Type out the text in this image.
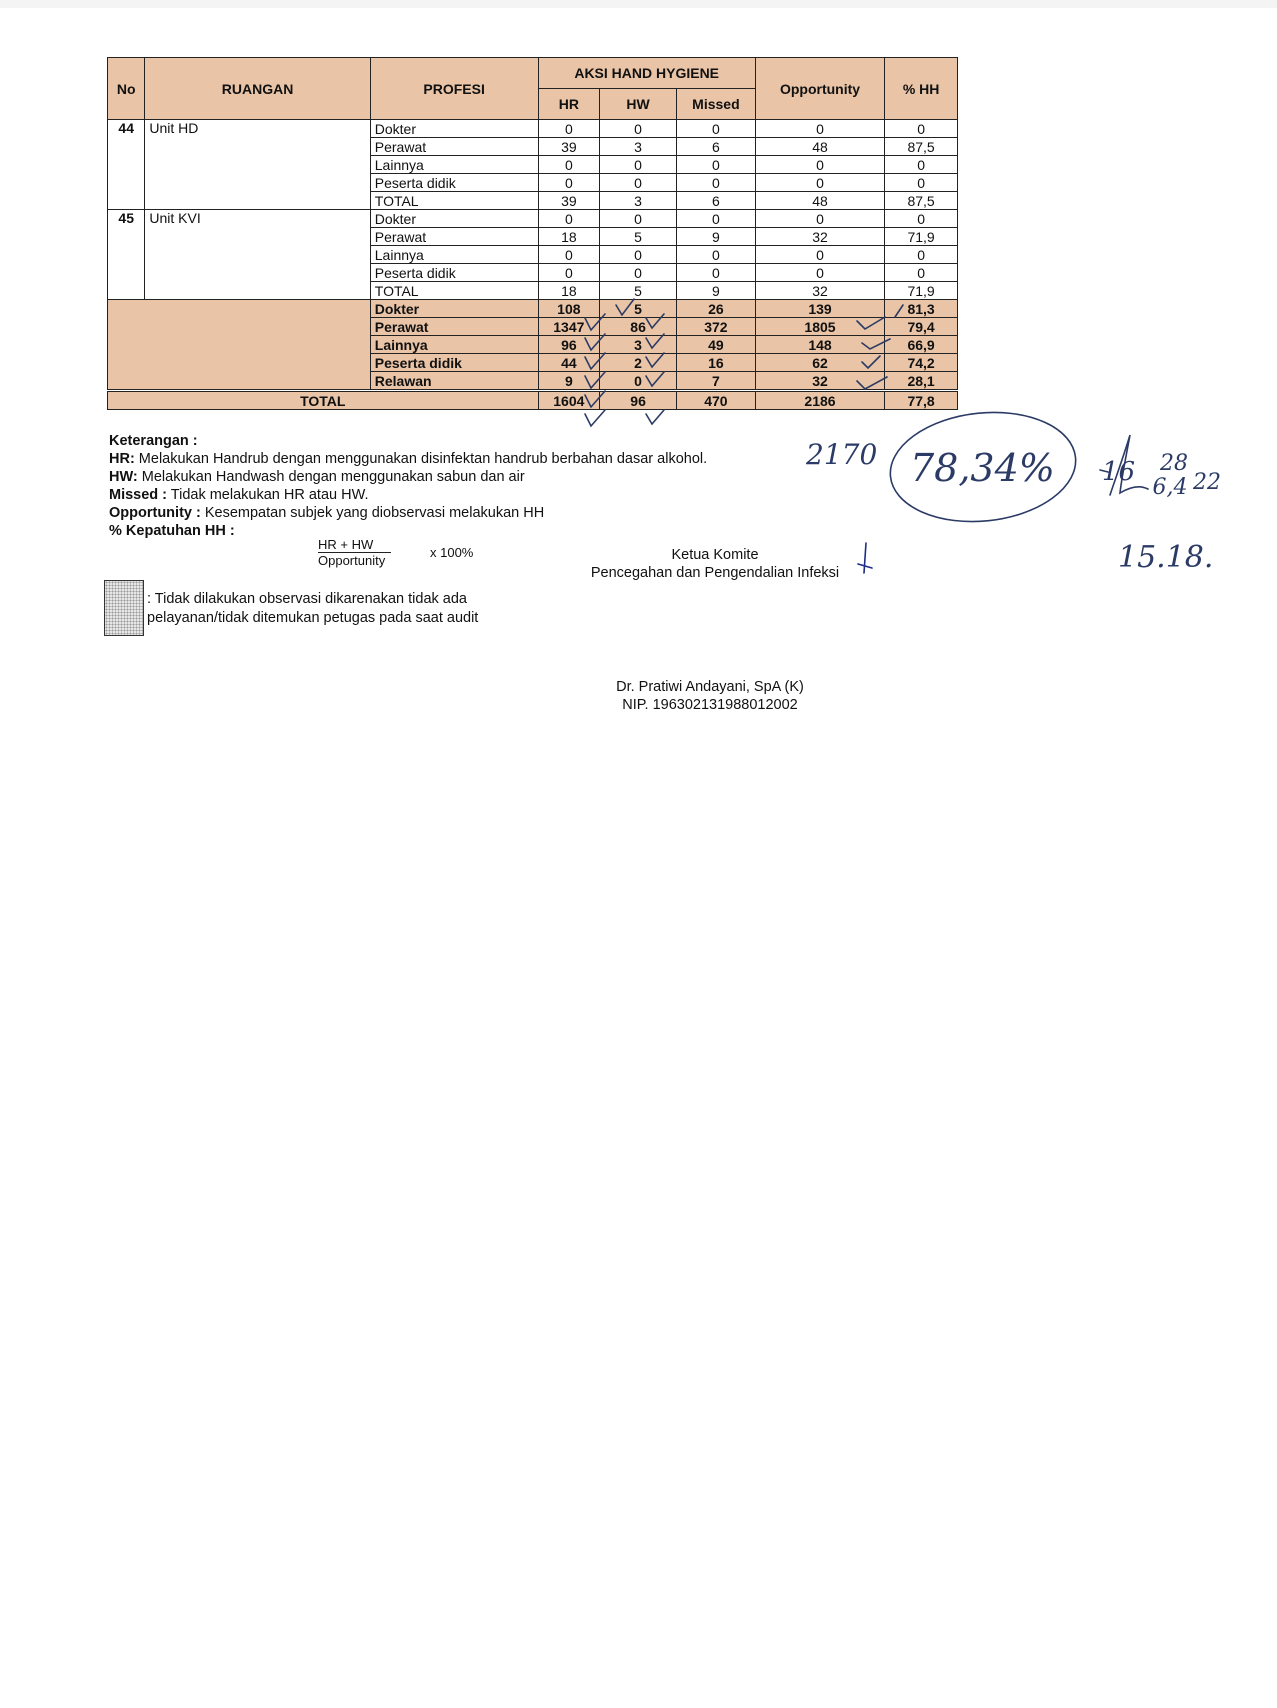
No	RUANGAN	PROFESI	AKSI HAND HYGIENE			Opportunity	% HH
			HR	HW	Missed		
44	Unit HD	Dokter	0	0	0	0	0
		Perawat	39	3	6	48	87,5
		Lainnya	0	0	0	0	0
		Peserta didik	0	0	0	0	0
		TOTAL	39	3	6	48	87,5
45	Unit KVI	Dokter	0	0	0	0	0
		Perawat	18	5	9	32	71,9
		Lainnya	0	0	0	0	0
		Peserta didik	0	0	0	0	0
		TOTAL	18	5	9	32	71,9
		Dokter	108	5	26	139	81,3
		Perawat	1347	86	372	1805	79,4
		Lainnya	96	3	49	148	66,9
		Peserta didik	44	2	16	62	74,2
		Relawan	9	0	7	32	28,1
TOTAL			1604	96	470	2186	77,8
Keterangan :
HR: Melakukan Handrub dengan menggunakan disinfektan handrub berbahan dasar alkohol.
HW: Melakukan Handwash dengan menggunakan sabun dan air
Missed : Tidak melakukan HR atau HW.
Opportunity : Kesempatan subjek yang diobservasi melakukan HH
% Kepatuhan HH :
HR + HW
Opportunity
x 100%	Ketua Komite
Pencegahan dan Pengendalian Infeksi
: Tidak dilakukan observasi dikarenakan tidak ada
pelayanan/tidak ditemukan petugas pada saat audit
Dr. Pratiwi Andayani, SpA (K)
NIP. 196302131988012002
2170 78,34% 16 28
6,4 22
15.18.
